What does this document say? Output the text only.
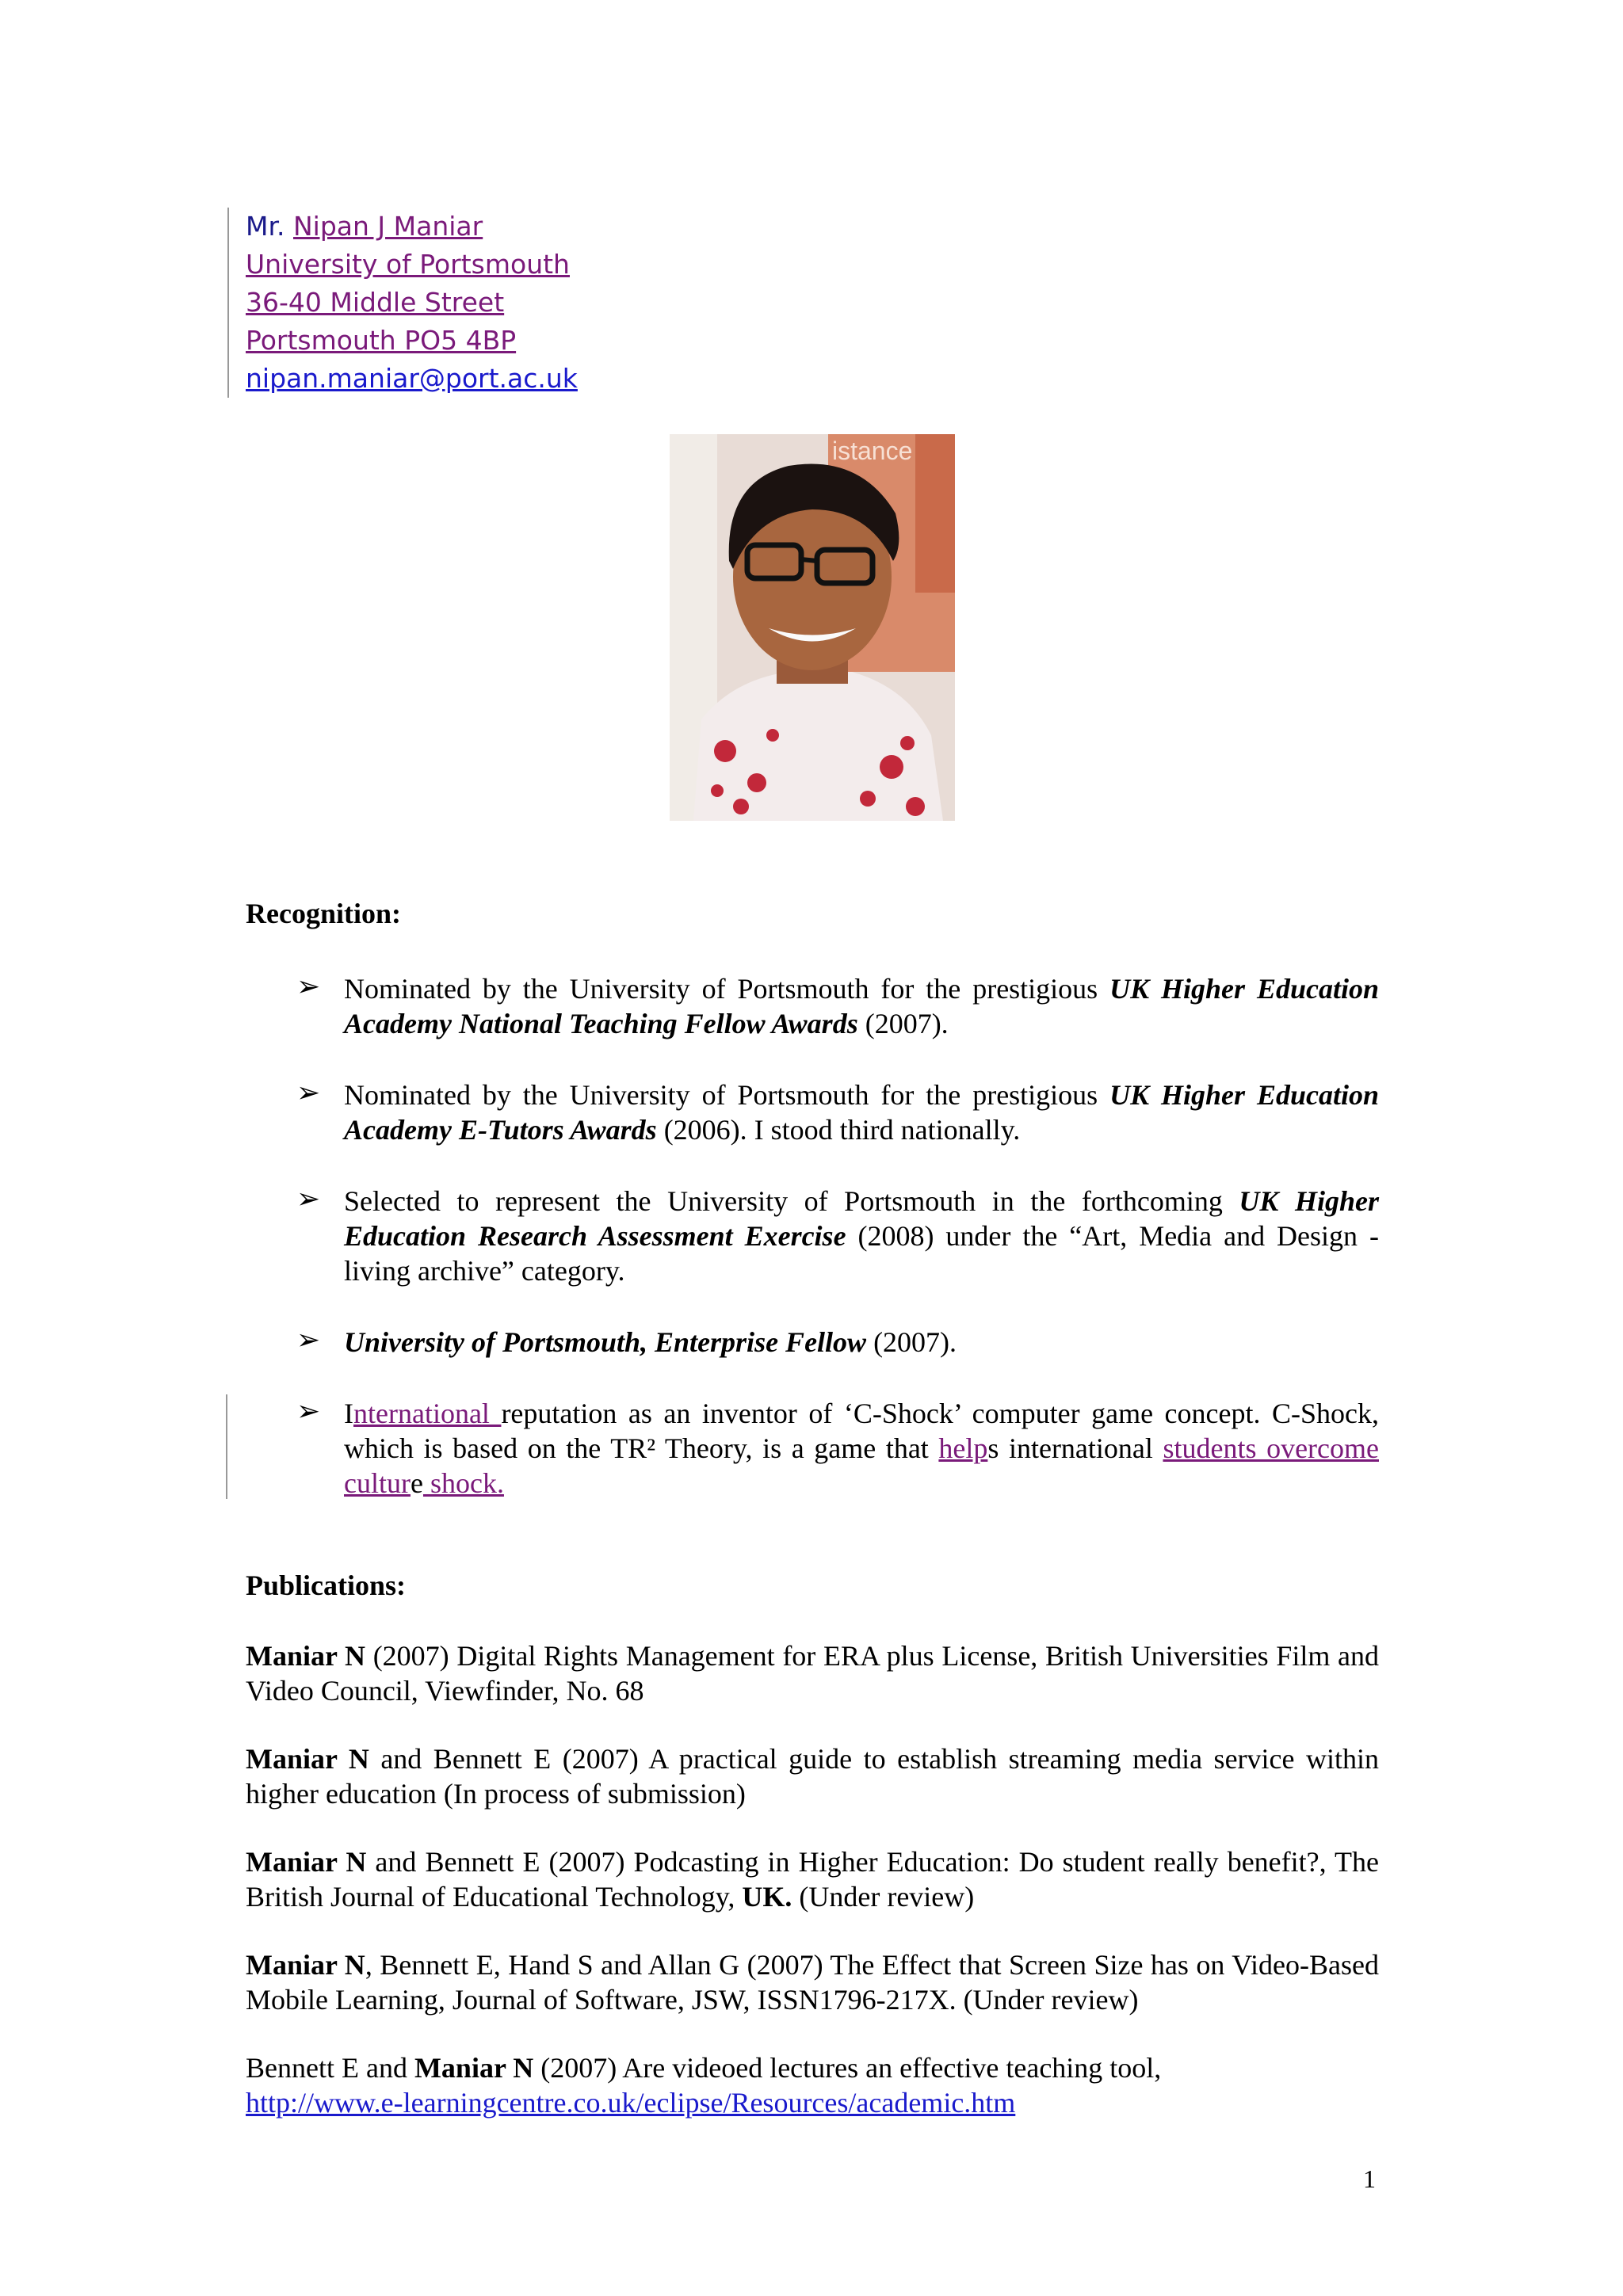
Mr. Nipan J Maniar
University of Portsmouth
36-40 Middle Street
Portsmouth PO5 4BP
nipan.maniar@port.ac.uk
istance
Recognition:
➢ Nominated by the University of Portsmouth for the prestigious UK Higher Education Academy National Teaching Fellow Awards (2007).
➢ Nominated by the University of Portsmouth for the prestigious UK Higher Education Academy E-Tutors Awards (2006). I stood third nationally.
➢ Selected to represent the University of Portsmouth in the forthcoming UK Higher Education Research Assessment Exercise (2008) under the “Art, Media and Design - living archive” category.
➢ University of Portsmouth, Enterprise Fellow (2007).
➢ International reputation as an inventor of ‘C-Shock’ computer game concept. C-Shock, which is based on the TR² Theory, is a game that helps international students overcome culture shock.
Publications:
Maniar N (2007) Digital Rights Management for ERA plus License, British Universities Film and Video Council, Viewfinder, No. 68
Maniar N and Bennett E (2007) A practical guide to establish streaming media service within higher education (In process of submission)
Maniar N and Bennett E (2007) Podcasting in Higher Education: Do student really benefit?, The British Journal of Educational Technology, UK. (Under review)
Maniar N, Bennett E, Hand S and Allan G (2007) The Effect that Screen Size has on Video-Based Mobile Learning, Journal of Software, JSW, ISSN1796-217X. (Under review)
Bennett E and Maniar N (2007) Are videoed lectures an effective teaching tool,
http://www.e-learningcentre.co.uk/eclipse/Resources/academic.htm
1
